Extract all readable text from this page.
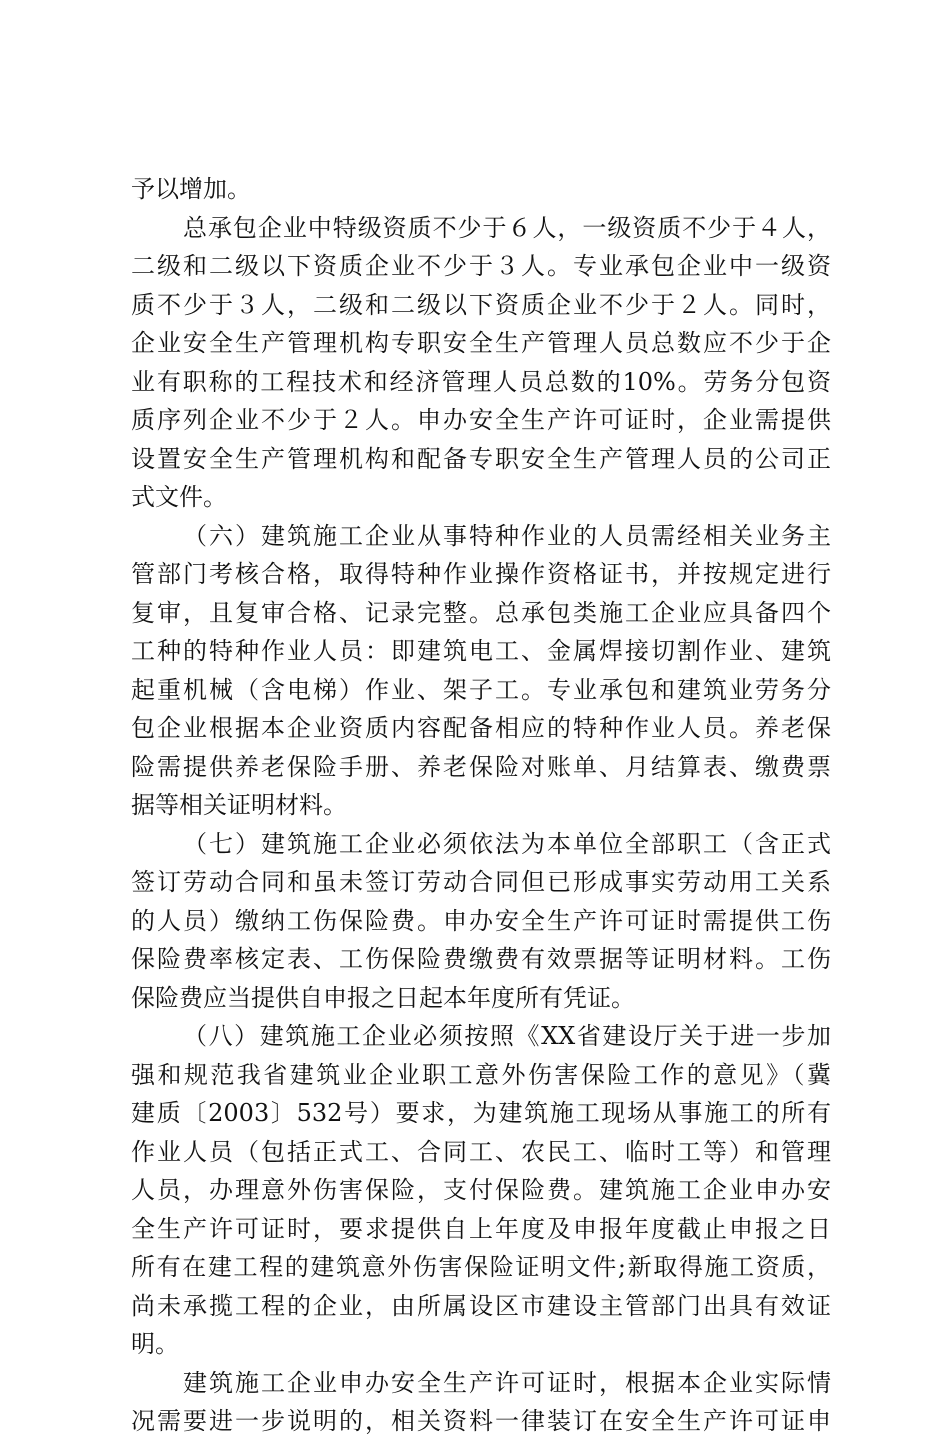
予以增加。
总承包企业中特级资质不少于６人，一级资质不少于４人，
二级和二级以下资质企业不少于３人。专业承包企业中一级资
质不少于３人，二级和二级以下资质企业不少于２人。同时，
企业安全生产管理机构专职安全生产管理人员总数应不少于企
业有职称的工程技术和经济管理人员总数的10%。劳务分包资
质序列企业不少于２人。申办安全生产许可证时，企业需提供
设置安全生产管理机构和配备专职安全生产管理人员的公司正
式文件。
（六）建筑施工企业从事特种作业的人员需经相关业务主
管部门考核合格，取得特种作业操作资格证书，并按规定进行
复审，且复审合格、记录完整。总承包类施工企业应具备四个
工种的特种作业人员：即建筑电工、金属焊接切割作业、建筑
起重机械（含电梯）作业、架子工。专业承包和建筑业劳务分
包企业根据本企业资质内容配备相应的特种作业人员。养老保
险需提供养老保险手册、养老保险对账单、月结算表、缴费票
据等相关证明材料。
（七）建筑施工企业必须依法为本单位全部职工（含正式
签订劳动合同和虽未签订劳动合同但已形成事实劳动用工关系
的人员）缴纳工伤保险费。申办安全生产许可证时需提供工伤
保险费率核定表、工伤保险费缴费有效票据等证明材料。工伤
保险费应当提供自申报之日起本年度所有凭证。
（八）建筑施工企业必须按照《XX省建设厅关于进一步加
强和规范我省建筑业企业职工意外伤害保险工作的意见》（冀
建质〔2003〕532号）要求，为建筑施工现场从事施工的所有
作业人员（包括正式工、合同工、农民工、临时工等）和管理
人员，办理意外伤害保险，支付保险费。建筑施工企业申办安
全生产许可证时，要求提供自上年度及申报年度截止申报之日
所有在建工程的建筑意外伤害保险证明文件;新取得施工资质，
尚未承揽工程的企业，由所属设区市建设主管部门出具有效证
明。
建筑施工企业申办安全生产许可证时，根据本企业实际情
况需要进一步说明的，相关资料一律装订在安全生产许可证申
